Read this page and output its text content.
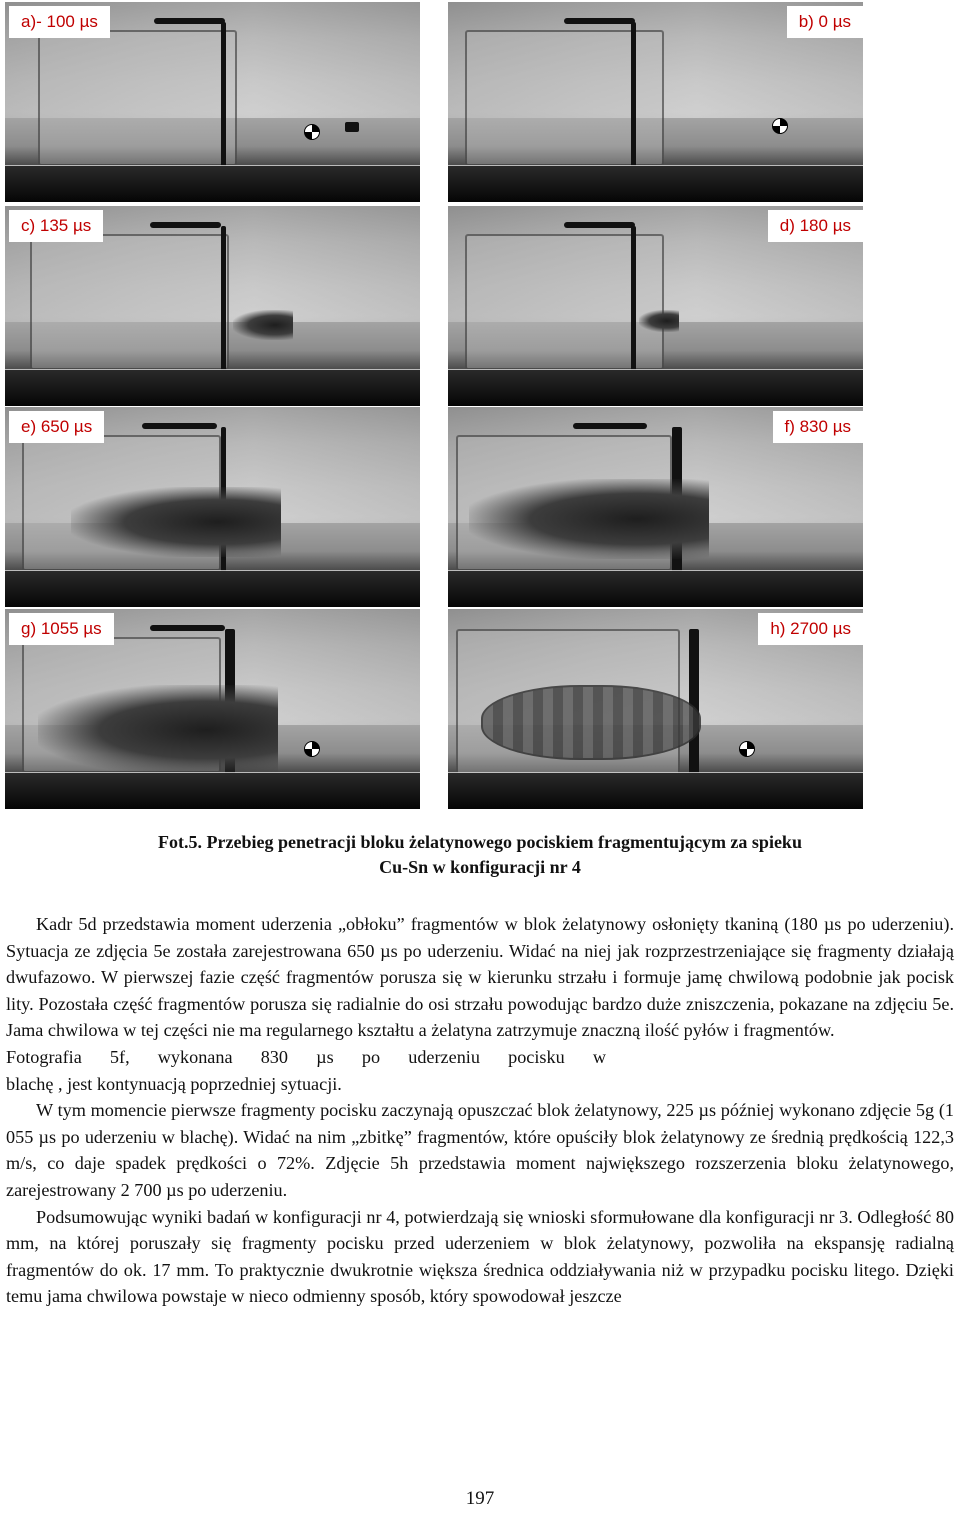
a)- 100 µs	b) 0 µs
c) 135 µs	d) 180 µs
e) 650 µs	f) 830 µs
g) 1055 µs	h) 2700 µs
Fot.5. Przebieg penetracji bloku żelatynowego pociskiem fragmentującym za spieku
Cu-Sn w konfiguracji nr 4

Kadr 5d przedstawia moment uderzenia „obłoku” fragmentów w blok żelatynowy osłonięty tkaniną (180 µs po uderzeniu). Sytuacja ze zdjęcia 5e została zarejestrowana 650 µs po uderzeniu. Widać na niej jak rozprzestrzeniające się fragmenty działają dwufazowo. W pierwszej fazie część fragmentów porusza się w kierunku strzału i formuje jamę chwilową podobnie jak pocisk lity. Pozostała część fragmentów porusza się radialnie do osi strzału powodując bardzo duże zniszczenia, pokazane na zdjęciu 5e. Jama chwilowa w tej części nie ma regularnego kształtu a żelatyna zatrzymuje znaczną ilość pyłów i fragmentów.

Fotografia 5f, wykonana 830 µs po uderzeniu pocisku w

blachę , jest kontynuacją poprzedniej sytuacji.

W tym momencie pierwsze fragmenty pocisku zaczynają opuszczać blok żelatynowy, 225 µs później wykonano zdjęcie 5g (1 055 µs po uderzeniu w blachę). Widać na nim „zbitkę” fragmentów, które opuściły blok żelatynowy ze średnią prędkością 122,3 m/s, co daje spadek prędkości o 72%. Zdjęcie 5h przedstawia moment największego rozszerzenia bloku żelatynowego, zarejestrowany 2 700 µs po uderzeniu.

Podsumowując wyniki badań w konfiguracji nr 4, potwierdzają się wnioski sformułowane dla konfiguracji nr 3. Odległość 80 mm, na której poruszały się fragmenty pocisku przed uderzeniem w blok żelatynowy, pozwoliła na ekspansję radialną fragmentów do ok. 17 mm. To praktycznie dwukrotnie większa średnica oddziaływania niż w przypadku pocisku litego. Dzięki temu jama chwilowa powstaje w nieco odmienny sposób, który spowodował jeszcze

197
